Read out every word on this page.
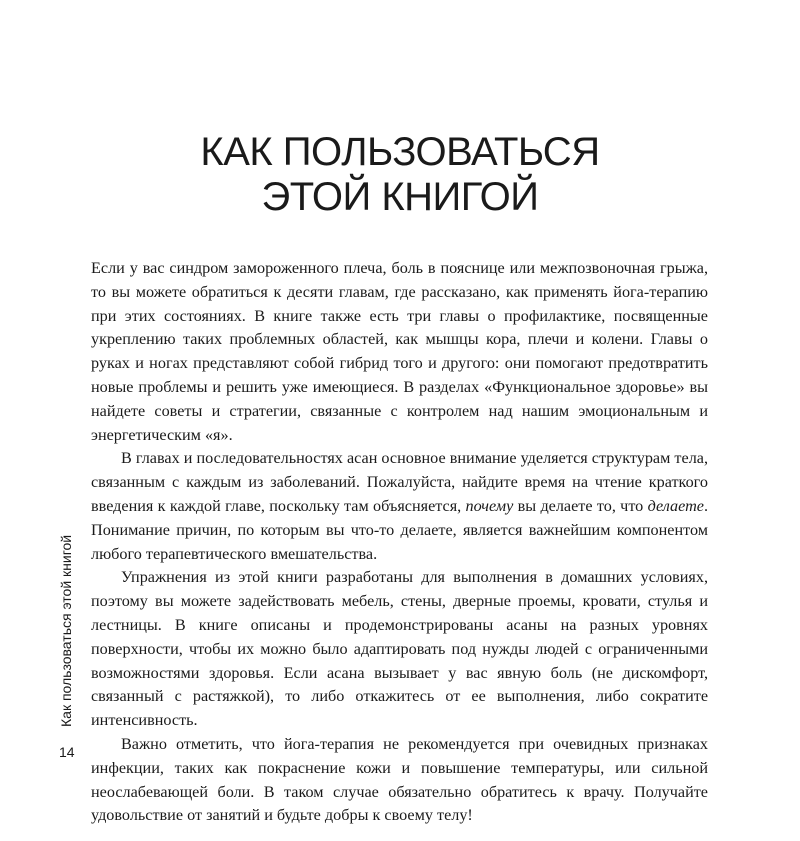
КАК ПОЛЬЗОВАТЬСЯ
ЭТОЙ КНИГОЙ

Если у вас синдром замороженного плеча, боль в пояснице или межпозвоночная грыжа, то вы можете обратиться к десяти главам, где рассказано, как применять йога-терапию при этих состояниях. В книге также есть три главы о профилактике, посвященные укреплению таких проблемных областей, как мышцы кора, плечи и колени. Главы о руках и ногах представляют собой гибрид того и другого: они помогают предотвратить новые проблемы и решить уже имеющиеся. В разделах «Функциональное здоровье» вы найдете советы и стратегии, связанные с контролем над нашим эмоциональным и энергетическим «я».

В главах и последовательностях асан основное внимание уделяется структурам тела, связанным с каждым из заболеваний. Пожалуйста, найдите время на чтение краткого введения к каждой главе, поскольку там объясняется, почему вы делаете то, что делаете. Понимание причин, по которым вы что-то делаете, является важнейшим компонентом любого терапевтического вмешательства.

Упражнения из этой книги разработаны для выполнения в домашних условиях, поэтому вы можете задействовать мебель, стены, дверные проемы, кровати, стулья и лестницы. В книге описаны и продемонстрированы асаны на разных уровнях поверхности, чтобы их можно было адаптировать под нужды людей с ограниченными возможностями здоровья. Если асана вызывает у вас явную боль (не дискомфорт, связанный с растяжкой), то либо откажитесь от ее выполнения, либо сократите интенсивность.

Важно отметить, что йога-терапия не рекомендуется при очевидных признаках инфекции, таких как покраснение кожи и повышение температуры, или сильной неослабевающей боли. В таком случае обязательно обратитесь к врачу. Получайте удовольствие от занятий и будьте добры к своему телу!

Как пользоваться этой книгой
14
